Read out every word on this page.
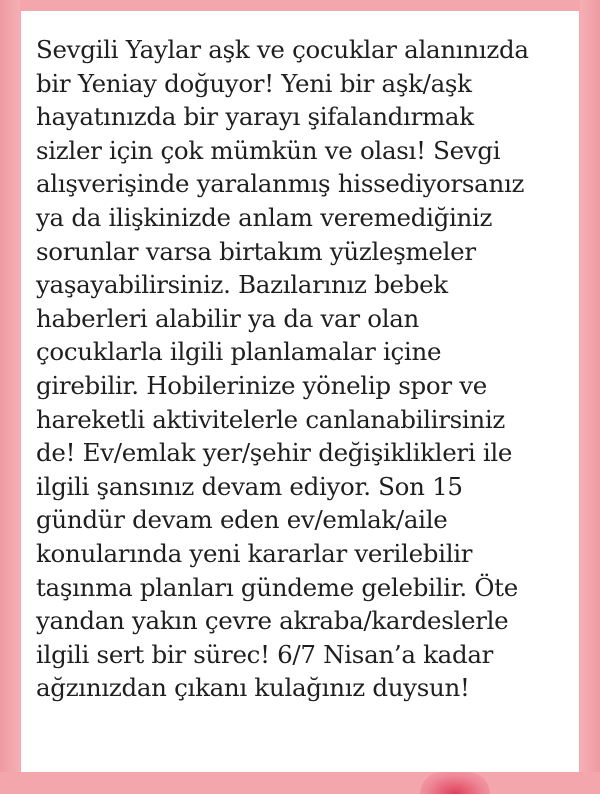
Sevgili Yaylar aşk ve çocuklar alanınızda
bir Yeniay doğuyor! Yeni bir aşk/aşk
hayatınızda bir yarayı şifalandırmak
sizler için çok mümkün ve olası! Sevgi
alışverişinde yaralanmış hissediyorsanız
ya da ilişkinizde anlam veremediğiniz
sorunlar varsa birtakım yüzleşmeler
yaşayabilirsiniz. Bazılarınız bebek
haberleri alabilir ya da var olan
çocuklarla ilgili planlamalar içine
girebilir. Hobilerinize yönelip spor ve
hareketli aktivitelerle canlanabilirsiniz
de! Ev/emlak yer/şehir değişiklikleri ile
ilgili şansınız devam ediyor. Son 15
gündür devam eden ev/emlak/aile
konularında yeni kararlar verilebilir
taşınma planları gündeme gelebilir. Öte
yandan yakın çevre akraba/kardeslerle
ilgili sert bir sürec! 6/7 Nisan’a kadar
ağzınızdan çıkanı kulağınız duysun!
